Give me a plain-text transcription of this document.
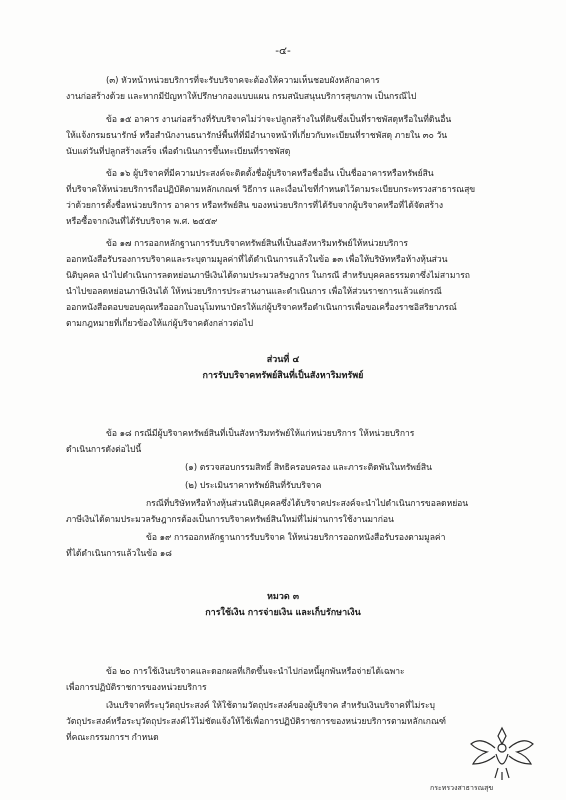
-๔-
(๓) หัวหน้าหน่วยบริการที่จะรับบริจาคจะต้องให้ความเห็นชอบผังหลักอาคาร
งานก่อสร้างด้วย และหากมีปัญหาให้ปรึกษากองแบบแผน กรมสนับสนุนบริการสุขภาพ เป็นกรณีไป
ข้อ ๑๕ อาคาร งานก่อสร้างที่รับบริจาคไม่ว่าจะปลูกสร้างในที่ดินซึ่งเป็นที่ราชพัสดุหรือในที่ดินอื่น
ให้แจ้งกรมธนารักษ์ หรือสำนักงานธนารักษ์พื้นที่ที่มีอำนาจหน้าที่เกี่ยวกับทะเบียนที่ราชพัสดุ ภายใน ๓๐ วัน
นับแต่วันที่ปลูกสร้างเสร็จ เพื่อดำเนินการขึ้นทะเบียนที่ราชพัสดุ
ข้อ ๑๖ ผู้บริจาคที่มีความประสงค์จะติดตั้งชื่อผู้บริจาคหรือชื่ออื่น เป็นชื่ออาคารหรือทรัพย์สิน
ที่บริจาคให้หน่วยบริการถือปฏิบัติตามหลักเกณฑ์ วิธีการ และเงื่อนไขที่กำหนดไว้ตามระเบียบกระทรวงสาธารณสุข
ว่าด้วยการตั้งชื่อหน่วยบริการ อาคาร หรือทรัพย์สิน ของหน่วยบริการที่ได้รับจากผู้บริจาคหรือที่ได้จัดสร้าง
หรือซื้อจากเงินที่ได้รับบริจาค พ.ศ. ๒๕๕๙
ข้อ ๑๗ การออกหลักฐานการรับบริจาคทรัพย์สินที่เป็นอสังหาริมทรัพย์ให้หน่วยบริการ
ออกหนังสือรับรองการบริจาคและระบุตามมูลค่าที่ได้ดำเนินการแล้วในข้อ ๑๓ เพื่อให้บริษัทหรือห้างหุ้นส่วน
นิติบุคคล นำไปดำเนินการลดหย่อนภาษีเงินได้ตามประมวลรัษฎากร ในกรณี สำหรับบุคคลธรรมดาซึ่งไม่สามารถ
นำไปขอลดหย่อนภาษีเงินได้ ให้หน่วยบริการประสานงานและดำเนินการ เพื่อให้ส่วนราชการแล้วแต่กรณี
ออกหนังสือตอบขอบคุณหรือออกใบอนุโมทนาบัตรให้แก่ผู้บริจาคหรือดำเนินการเพื่อขอเครื่องราชอิสริยาภรณ์
ตามกฎหมายที่เกี่ยวข้องให้แก่ผู้บริจาคดังกล่าวต่อไป
ส่วนที่ ๔
การรับบริจาคทรัพย์สินที่เป็นสังหาริมทรัพย์
ข้อ ๑๘ กรณีมีผู้บริจาคทรัพย์สินที่เป็นสังหาริมทรัพย์ให้แก่หน่วยบริการ ให้หน่วยบริการ
ดำเนินการดังต่อไปนี้
(๑) ตรวจสอบกรรมสิทธิ์ สิทธิครอบครอง และภาระติดพันในทรัพย์สิน
(๒) ประเมินราคาทรัพย์สินที่รับบริจาค
กรณีที่บริษัทหรือห้างหุ้นส่วนนิติบุคคลซึ่งได้บริจาคประสงค์จะนำไปดำเนินการขอลดหย่อน
ภาษีเงินได้ตามประมวลรัษฎากรต้องเป็นการบริจาคทรัพย์สินใหม่ที่ไม่ผ่านการใช้งานมาก่อน
ข้อ ๑๙ การออกหลักฐานการรับบริจาค ให้หน่วยบริการออกหนังสือรับรองตามมูลค่า
ที่ได้ดำเนินการแล้วในข้อ ๑๘
หมวด ๓
การใช้เงิน การจ่ายเงิน และเก็บรักษาเงิน
ข้อ ๒๐ การใช้เงินบริจาคและดอกผลที่เกิดขึ้นจะนำไปก่อหนี้ผูกพันหรือจ่ายได้เฉพาะ
เพื่อการปฏิบัติราชการของหน่วยบริการ
เงินบริจาคที่ระบุวัตถุประสงค์ ให้ใช้ตามวัตถุประสงค์ของผู้บริจาค สำหรับเงินบริจาคที่ไม่ระบุ
วัตถุประสงค์หรือระบุวัตถุประสงค์ไว้ไม่ชัดแจ้งให้ใช้เพื่อการปฏิบัติราชการของหน่วยบริการตามหลักเกณฑ์
ที่คณะกรรมการฯ กำหนด
กระทรวงสาธารณสุข
